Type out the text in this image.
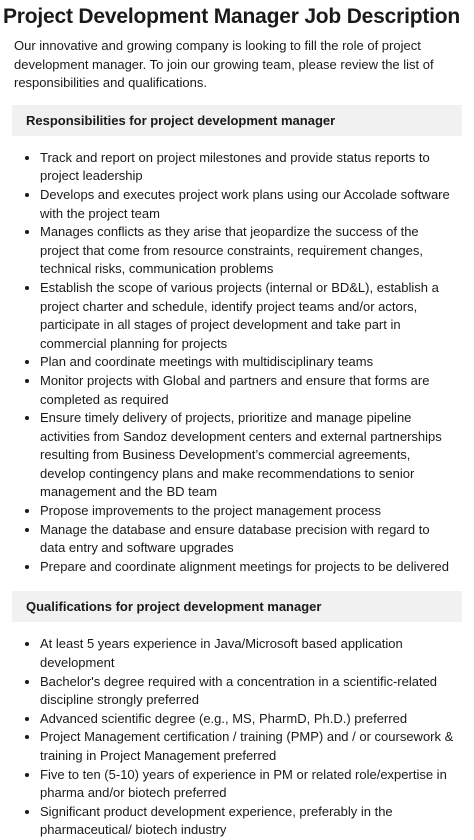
Project Development Manager Job Description

Our innovative and growing company is looking to fill the role of project development manager. To join our growing team, please review the list of responsibilities and qualifications.

Responsibilities for project development manager
• Track and report on project milestones and provide status reports to project leadership
• Develops and executes project work plans using our Accolade software with the project team
• Manages conflicts as they arise that jeopardize the success of the project that come from resource constraints, requirement changes, technical risks, communication problems
• Establish the scope of various projects (internal or BD&L), establish a project charter and schedule, identify project teams and/or actors, participate in all stages of project development and take part in commercial planning for projects
• Plan and coordinate meetings with multidisciplinary teams
• Monitor projects with Global and partners and ensure that forms are completed as required
• Ensure timely delivery of projects, prioritize and manage pipeline activities from Sandoz development centers and external partnerships resulting from Business Development’s commercial agreements, develop contingency plans and make recommendations to senior management and the BD team
• Propose improvements to the project management process
• Manage the database and ensure database precision with regard to data entry and software upgrades
• Prepare and coordinate alignment meetings for projects to be delivered
Qualifications for project development manager
• At least 5 years experience in Java/Microsoft based application development
• Bachelor's degree required with a concentration in a scientific-related discipline strongly preferred
• Advanced scientific degree (e.g., MS, PharmD, Ph.D.) preferred
• Project Management certification / training (PMP) and / or coursework & training in Project Management preferred
• Five to ten (5-10) years of experience in PM or related role/expertise in pharma and/or biotech preferred
• Significant product development experience, preferably in the pharmaceutical/ biotech industry
